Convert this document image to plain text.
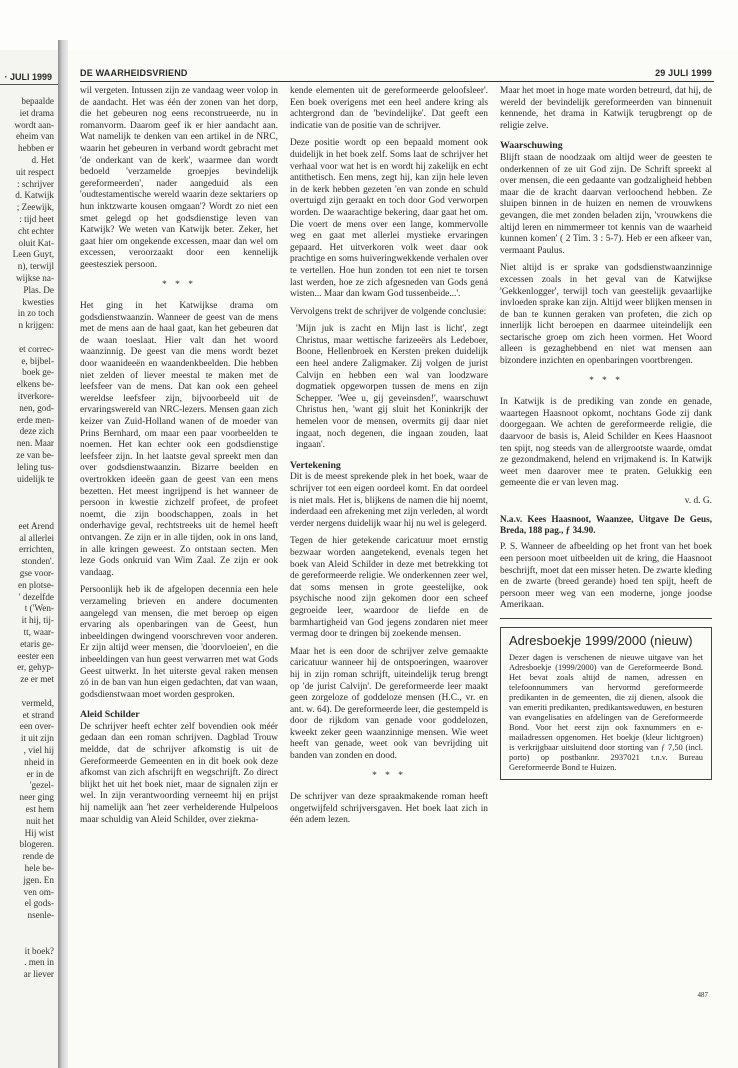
· JULI 1999
bepaalde
iet drama
wordt aan-
eheim van
hebben er
d. Het
uit respect
: schrijver
d. Katwijk
; Zeewijk,
: tijd heet
cht echter
oluit Kat-
Leen Guyt,
n), terwijl
wijkse na-
Plas. De
kwesties
in zo toch
n krijgen:
et correc-
e, bijbel-
boek ge-
elkens be-
itverkore-
nen, god-
erde men-
deze zich
nen. Maar
ze van be-
leling tus-
uidelijk te
eet Arend
al allerlei
errichten,
stonden'.
gse voor-
en plotse-
' dezelfde
t ('Wen-
it hij, tij-
tt, waar-
etaris ge-
eester een
er, gehyp-
ze er met
vermeld,
et strand
een over-
it uit zijn
, viel hij
nheid in
er in de
'gezel-
neer ging
est hem
nuit het
Hij wist
blogeren.
rende de
hele be-
jgen. En
ven om-
el gods-
nsenle-
it boek?
. men in
ar liever
DE WAARHEIDSVRIEND	29 JULI 1999

wil vergeten. Intussen zijn ze vandaag weer volop in de aandacht. Het was één der zonen van het dorp, die het gebeuren nog eens reconstrueerde, nu in romanvorm. Daarom geef ik er hier aandacht aan. Wat namelijk te denken van een artikel in de NRC, waarin het gebeuren in verband wordt gebracht met 'de onderkant van de kerk', waarmee dan wordt bedoeld 'verzamelde groepjes bevindelijk gereformeerden', nader aangeduid als een 'oudtestamentische wereld waarin deze sektariers op hun inktzwarte kousen omgaan'? Wordt zo niet een smet gelegd op het godsdienstige leven van Katwijk? We weten van Katwijk beter. Zeker, het gaat hier om ongekende excessen, maar dan wel om excessen, veroorzaakt door een kennelijk geestesziek persoon.

* * *

Het ging in het Katwijkse drama om godsdienstwaanzin. Wanneer de geest van de mens met de mens aan de haal gaat, kan het gebeuren dat de waan toeslaat. Hier valt dan het woord waanzinnig. De geest van die mens wordt bezet door waanideeën en waandenkbeelden. Die hebben niet zelden of liever meestal te maken met de leefsfeer van de mens. Dat kan ook een geheel wereldse leefsfeer zijn, bijvoorbeeld uit de ervaringswereld van NRC-lezers. Mensen gaan zich keizer van Zuid-Holland wanen of de moeder van Prins Bernhard, om maar een paar voorbeelden te noemen. Het kan echter ook een godsdienstige leefsfeer zijn. In het laatste geval spreekt men dan over godsdienstwaanzin. Bizarre beelden en overtrokken ideeën gaan de geest van een mens bezetten. Het meest ingrijpend is het wanneer de persoon in kwestie zichzelf profeet, de profeet noemt, die zijn boodschappen, zoals in het onderhavige geval, rechtstreeks uit de hemel heeft ontvangen. Ze zijn er in alle tijden, ook in ons land, in alle kringen geweest. Zo ontstaan secten. Men leze Gods onkruid van Wim Zaal. Ze zijn er ook vandaag.

Persoonlijk heb ik de afgelopen decennia een hele verzameling brieven en andere documenten aangelegd van mensen, die met beroep op eigen ervaring als openbaringen van de Geest, hun inbeeldingen dwingend voorschreven voor anderen. Er zijn altijd weer mensen, die 'doorvloeien', en die inbeeldingen van hun geest verwarren met wat Gods Geest uitwerkt. In het uiterste geval raken mensen zó in de ban van hun eigen gedachten, dat van waan, godsdienstwaan moet worden gesproken.

Aleid Schilder

De schrijver heeft echter zelf bovendien ook méér gedaan dan een roman schrijven. Dagblad Trouw meldde, dat de schrijver afkomstig is uit de Gereformeerde Gemeenten en in dit boek ook deze afkomst van zich afschrijft en wegschrijft. Zo direct blijkt het uit het boek niet, maar de signalen zijn er wel. In zijn verantwoording verneemt hij en prijst hij namelijk aan 'het zeer verhelderende Hulpeloos maar schuldig van Aleid Schilder, over ziekma-

kende elementen uit de gereformeerde geloofsleer'. Een boek overigens met een heel andere kring als achtergrond dan de 'bevindelijke'. Dat geeft een indicatie van de positie van de schrijver.

Deze positie wordt op een bepaald moment ook duidelijk in het boek zelf. Soms laat de schrijver het verhaal voor wat het is en wordt hij zakelijk en echt antithetisch. Een mens, zegt hij, kan zijn hele leven in de kerk hebben gezeten 'en van zonde en schuld overtuigd zijn geraakt en toch door God verworpen worden. De waarachtige bekering, daar gaat het om. Die voert de mens over een lange, kommervolle weg en gaat met allerlei mystieke ervaringen gepaard. Het uitverkoren volk weet daar ook prachtige en soms huiveringwekkende verhalen over te vertellen. Hoe hun zonden tot een niet te torsen last werden, hoe ze zich afgesneden van Gods gená wisten... Maar dan kwam God tussenbeide...'.

Vervolgens trekt de schrijver de volgende conclusie:

'Mijn juk is zacht en Mijn last is licht', zegt Christus, maar wettische farizeeërs als Ledeboer, Boone, Hellenbroek en Kersten preken duidelijk een heel andere Zaligmaker. Zij volgen de jurist Calvijn en hebben een wal van loodzware dogmatiek opgeworpen tussen de mens en zijn Schepper. 'Wee u, gij geveinsden!', waarschuwt Christus hen, 'want gij sluit het Koninkrijk der hemelen voor de mensen, overmits gij daar niet ingaat, noch degenen, die ingaan zouden, laat ingaan'.

Vertekening

Dit is de meest sprekende plek in het boek, waar de schrijver tot een eigen oordeel komt. En dat oordeel is niet mals. Het is, blijkens de namen die hij noemt, inderdaad een afrekening met zijn verleden, al wordt verder nergens duidelijk waar hij nu wel is gelegerd.

Tegen de hier getekende caricatuur moet ernstig bezwaar worden aangetekend, evenals tegen het boek van Aleid Schilder in deze met betrekking tot de gereformeerde religie. We onderkennen zeer wel, dat soms mensen in grote geestelijke, ook psychische nood zijn gekomen door een scheef gegroeide leer, waardoor de liefde en de barmhartigheid van God jegens zondaren niet meer vermag door te dringen bij zoekende mensen.

Maar het is een door de schrijver zelve gemaakte caricatuur wanneer hij de ontspoeringen, waarover hij in zijn roman schrijft, uiteindelijk terug brengt op 'de jurist Calvijn'. De gereformeerde leer maakt geen zorgeloze of goddeloze mensen (H.C., vr. en ant. w. 64). De gereformeerde leer, die gestempeld is door de rijkdom van genade voor goddelozen, kweekt zeker geen waanzinnige mensen. Wie weet heeft van genade, weet ook van bevrijding uit banden van zonden en dood.

* * *

De schrijver van deze spraakmakende roman heeft ongetwijfeld schrijversgaven. Het boek laat zich in één adem lezen.

Maar het moet in hoge mate worden betreurd, dat hij, de wereld der bevindelijk gereformeerden van binnenuit kennende, het drama in Katwijk terugbrengt op de religie zelve.

Waarschuwing

Blijft staan de noodzaak om altijd weer de geesten te onderkennen of ze uit God zijn. De Schrift spreekt al over mensen, die een gedaante van godzaligheid hebben maar die de kracht daarvan verloochend hebben. Ze sluipen binnen in de huizen en nemen de vrouwkens gevangen, die met zonden beladen zijn, 'vrouwkens die altijd leren en nimmermeer tot kennis van de waarheid kunnen komen' ( 2 Tim. 3 : 5-7). Heb er een afkeer van, vermaant Paulus.

Niet altijd is er sprake van godsdienstwaanzinnige excessen zoals in het geval van de Katwijkse 'Gekkenlogger', terwijl toch van geestelijk gevaarlijke invloeden sprake kan zijn. Altijd weer blijken mensen in de ban te kunnen geraken van profeten, die zich op innerlijk licht beroepen en daarmee uiteindelijk een sectarische groep om zich heen vormen. Het Woord alleen is gezaghebbend en niet wat mensen aan bizondere inzichten en openbaringen voortbrengen.

* * *

In Katwijk is de prediking van zonde en genade, waartegen Haasnoot opkomt, nochtans Gode zij dank doorgegaan. We achten de gereformeerde religie, die daarvoor de basis is, Aleid Schilder en Kees Haasnoot ten spijt, nog steeds van de allergrootste waarde, omdat ze gezondmakend, helend en vrijmakend is. In Katwijk weet men daarover mee te praten. Gelukkig een gemeente die er van leven mag.

v. d. G.

N.a.v. Kees Haasnoot, Waanzee, Uitgave De Geus, Breda, 188 pag., ƒ 34.90.

P. S. Wanneer de afbeelding op het front van het boek een persoon moet uitbeelden uit de kring, die Haasnoot beschrijft, moet dat een misser heten. De zwarte kleding en de zwarte (breed gerande) hoed ten spijt, heeft de persoon meer weg van een moderne, jonge joodse Amerikaan.

Adresboekje 1999/2000 (nieuw)

Dezer dagen is verschenen de nieuwe uitgave van het Adresboekje (1999/2000) van de Gereformeerde Bond. Het bevat zoals altijd de namen, adressen en telefoonnummers van hervormd gereformeerde predikanten in de gemeenten, die zij dienen, alsook die van emeriti predikanten, predikantsweduwen, en besturen van evangelisaties en afdelingen van de Gereformeerde Bond. Voor het eerst zijn ook faxnummers en e-mailadressen opgenomen. Het boekje (kleur lichtgroen) is verkrijgbaar uitsluitend door storting van ƒ 7,50 (incl. porto) op postbanknr. 2937021 t.n.v. Bureau Gereformeerde Bond te Huizen.

487
